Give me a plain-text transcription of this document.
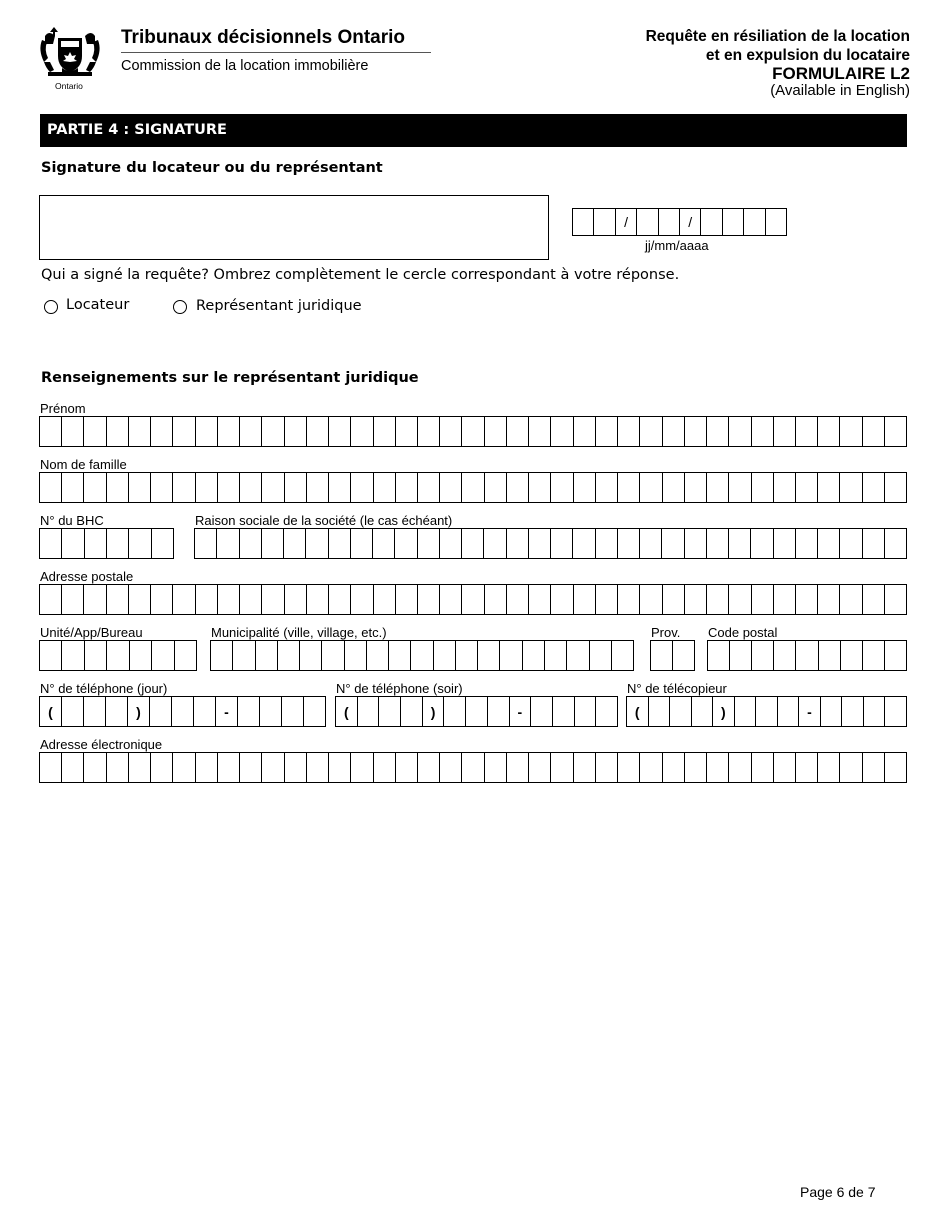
Ontario
Tribunaux décisionnels Ontario
Commission de la location immobilière
Requête en résiliation de la location
et en expulsion du locataire
FORMULAIRE L2
(Available in English)
PARTIE 4 : SIGNATURE
Signature du locateur ou du représentant
/	/
jj/mm/aaaa
Qui a signé la requête? Ombrez complètement le cercle correspondant à votre réponse.
Locateur	Représentant juridique
Renseignements sur le représentant juridique
Prénom
Nom de famille
N° du BHC	Raison sociale de la société (le cas échéant)
Adresse postale
Unité/App/Bureau	Municipalité (ville, village, etc.)	Prov. Code postal
N° de téléphone (jour)
(	)	-
N° de téléphone (soir)
(	)	-
N° de télécopieur
(	)	-
Adresse électronique
Page 6 de 7
